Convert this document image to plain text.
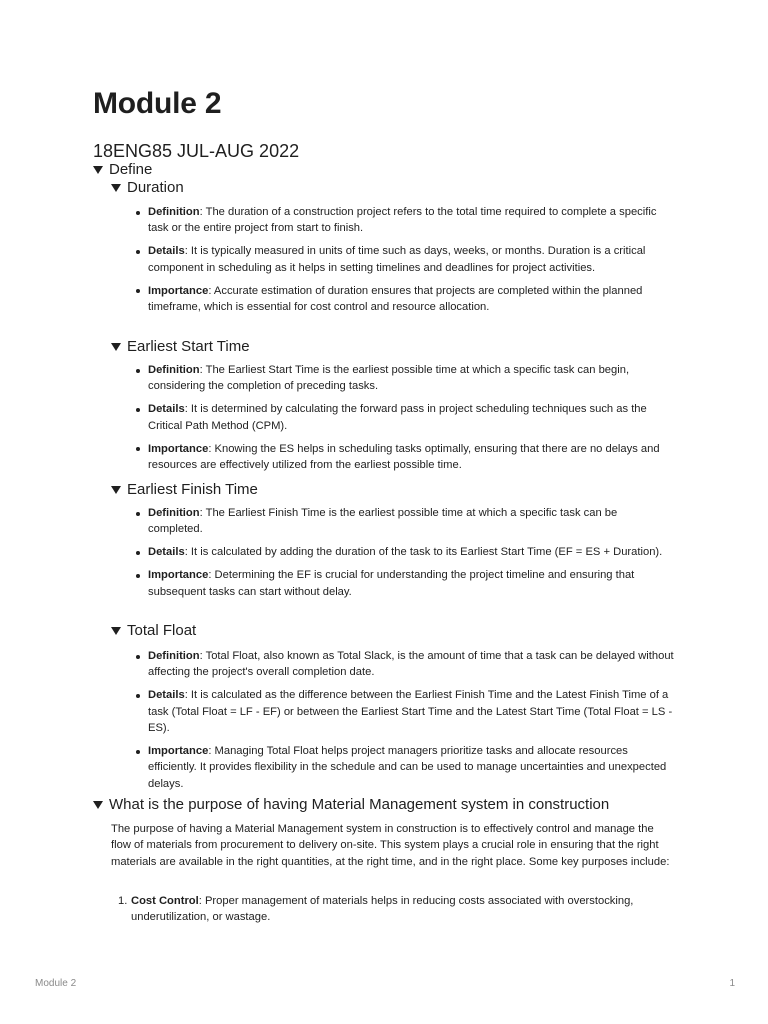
Module 2
18ENG85 JUL-AUG 2022
Define
Duration
Definition: The duration of a construction project refers to the total time required to complete a specific task or the entire project from start to finish.
Details: It is typically measured in units of time such as days, weeks, or months. Duration is a critical component in scheduling as it helps in setting timelines and deadlines for project activities.
Importance: Accurate estimation of duration ensures that projects are completed within the planned timeframe, which is essential for cost control and resource allocation.
Earliest Start Time
Definition: The Earliest Start Time is the earliest possible time at which a specific task can begin, considering the completion of preceding tasks.
Details: It is determined by calculating the forward pass in project scheduling techniques such as the Critical Path Method (CPM).
Importance: Knowing the ES helps in scheduling tasks optimally, ensuring that there are no delays and resources are effectively utilized from the earliest possible time.
Earliest Finish Time
Definition: The Earliest Finish Time is the earliest possible time at which a specific task can be completed.
Details: It is calculated by adding the duration of the task to its Earliest Start Time (EF = ES + Duration).
Importance: Determining the EF is crucial for understanding the project timeline and ensuring that subsequent tasks can start without delay.
Total Float
Definition: Total Float, also known as Total Slack, is the amount of time that a task can be delayed without affecting the project's overall completion date.
Details: It is calculated as the difference between the Earliest Finish Time and the Latest Finish Time of a task (Total Float = LF - EF) or between the Earliest Start Time and the Latest Start Time (Total Float = LS - ES).
Importance: Managing Total Float helps project managers prioritize tasks and allocate resources efficiently. It provides flexibility in the schedule and can be used to manage uncertainties and unexpected delays.
What is the purpose of having Material Management system in construction

The purpose of having a Material Management system in construction is to effectively control and manage the flow of materials from procurement to delivery on-site. This system plays a crucial role in ensuring that the right materials are available in the right quantities, at the right time, and in the right place. Some key purposes include:

1. Cost Control: Proper management of materials helps in reducing costs associated with overstocking, underutilization, or wastage.
Module 2	1
